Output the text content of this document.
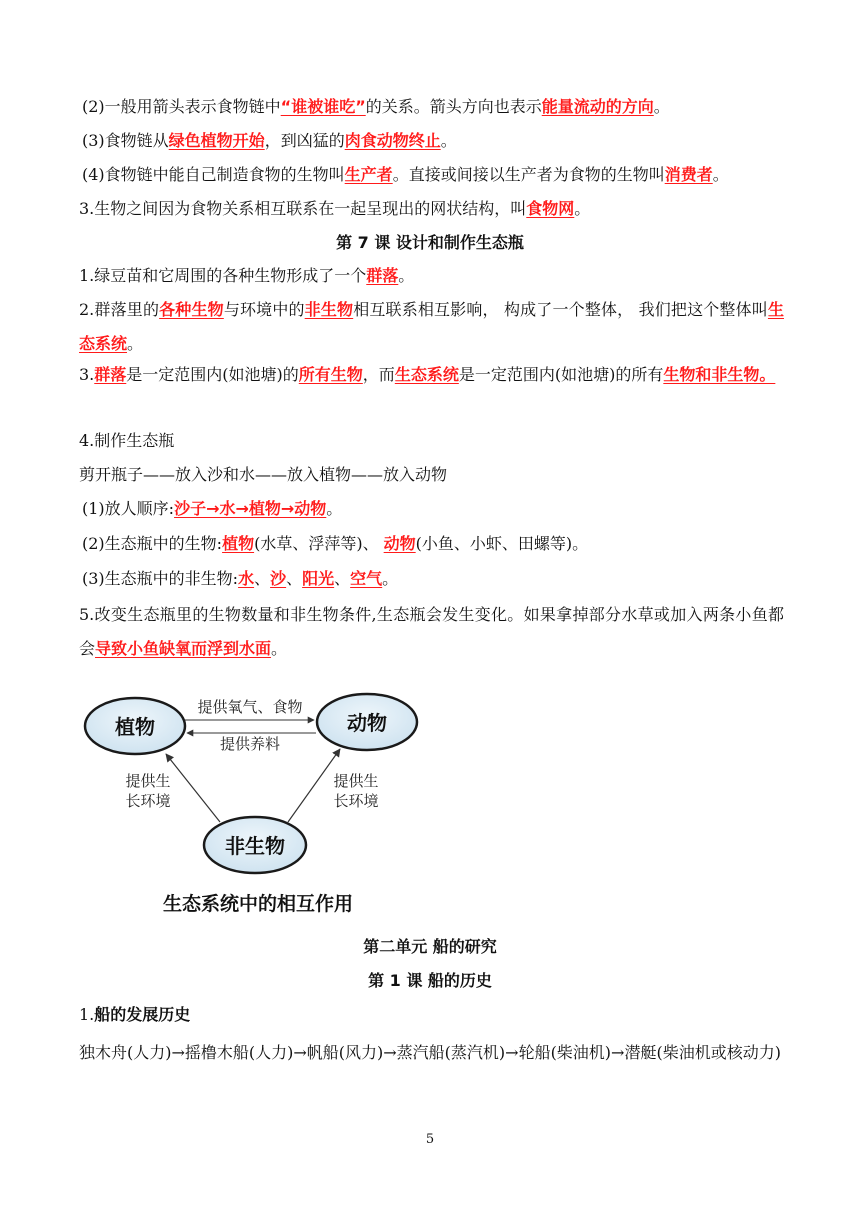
(2)一般用箭头表示食物链中“谁被谁吃”的关系。箭头方向也表示能量流动的方向。
(3)食物链从绿色植物开始，到凶猛的肉食动物终止。
(4)食物链中能自己制造食物的生物叫生产者。直接或间接以生产者为食物的生物叫消费者。
3.生物之间因为食物关系相互联系在一起呈现出的网状结构，叫食物网。
第 7 课 设计和制作生态瓶
1.绿豆苗和它周围的各种生物形成了一个群落。
2.群落里的各种生物与环境中的非生物相互联系相互影响， 构成了一个整体， 我们把这个整体叫生态系统。
3.群落是一定范围内(如池塘)的所有生物，而生态系统是一定范围内(如池塘)的所有生物和非生物。
4.制作生态瓶
剪开瓶子——放入沙和水——放入植物——放入动物
(1)放人顺序:沙子→水→植物→动物。
(2)生态瓶中的生物:植物(水草、浮萍等)、 动物(小鱼、小虾、田螺等)。
(3)生态瓶中的非生物:水、沙、阳光、空气。
5.改变生态瓶里的生物数量和非生物条件,生态瓶会发生变化。如果拿掉部分水草或加入两条小鱼都会导致小鱼缺氧而浮到水面。
植物	动物
非生物
提供氧气、食物
提供养料
提供生
长环境
提供生
长环境
生态系统中的相互作用
第二单元 船的研究
第 1 课 船的历史
1.船的发展历史
独木舟(人力)→摇橹木船(人力)→帆船(风力)→蒸汽船(蒸汽机)→轮船(柴油机)→潜艇(柴油机或核动力)
5
